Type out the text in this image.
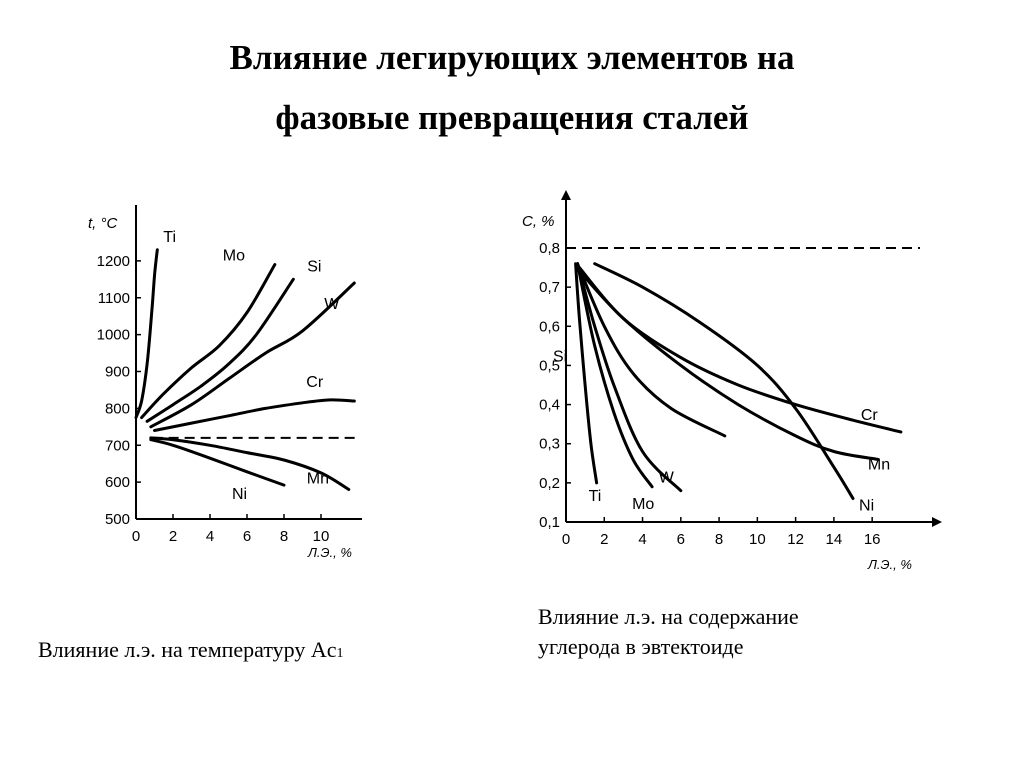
Влияние легирующих элементов на
фазовые превращения сталей
0 2 4 6 8 10
500
600
700
800
900
1000
1100
1200
t, °C
Л.Э., %
Ti
Mo
Si
W
Cr
Mn
Ni
0 2 4 6 8 10 12 14 16
0,1
0,2
0,3
0,4
0,5
0,6
0,7
0,8
C, %
Л.Э., %
Ti Mo
W
Si
Cr
Mn
Ni
Влияние л.э. на температуру Ac1
Влияние л.э. на содержание
углерода в эвтектоиде
